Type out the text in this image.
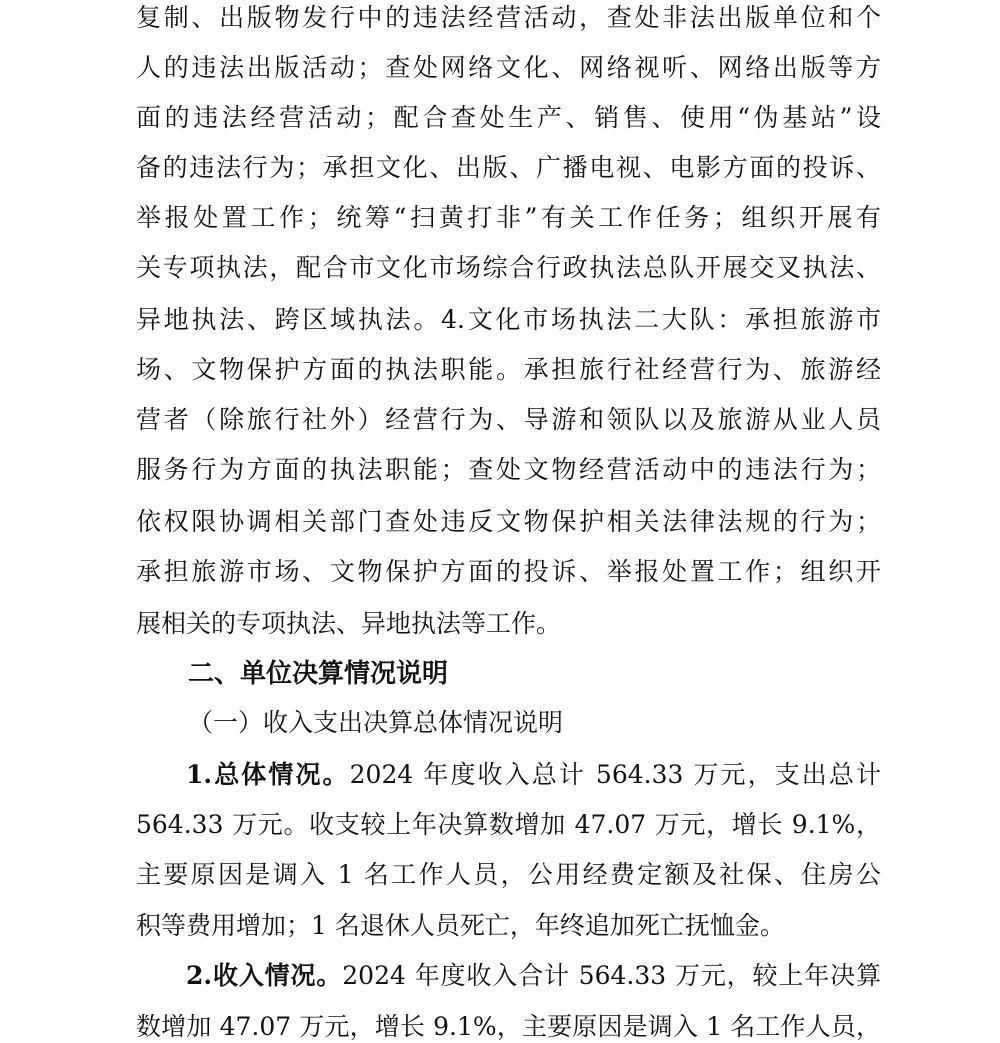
复制、出版物发行中的违法经营活动，查处非法出版单位和个
人的违法出版活动；查处网络文化、网络视听、网络出版等方
面的违法经营活动；配合查处生产、销售、使用“伪基站”设
备的违法行为；承担文化、出版、广播电视、电影方面的投诉、
举报处置工作；统筹“扫黄打非”有关工作任务；组织开展有
关专项执法，配合市文化市场综合行政执法总队开展交叉执法、
异地执法、跨区域执法。4.文化市场执法二大队：承担旅游市
场、文物保护方面的执法职能。承担旅行社经营行为、旅游经
营者（除旅行社外）经营行为、导游和领队以及旅游从业人员
服务行为方面的执法职能；查处文物经营活动中的违法行为；
依权限协调相关部门查处违反文物保护相关法律法规的行为；
承担旅游市场、文物保护方面的投诉、举报处置工作；组织开
展相关的专项执法、异地执法等工作。
二、单位决算情况说明
（一）收入支出决算总体情况说明
1.总体情况。2024 年度收入总计 564.33 万元，支出总计
564.33 万元。收支较上年决算数增加 47.07 万元，增长 9.1%，
主要原因是调入 1 名工作人员，公用经费定额及社保、住房公
积等费用增加；1 名退休人员死亡，年终追加死亡抚恤金。
2.收入情况。2024 年度收入合计 564.33 万元，较上年决算
数增加 47.07 万元，增长 9.1%，主要原因是调入 1 名工作人员，
